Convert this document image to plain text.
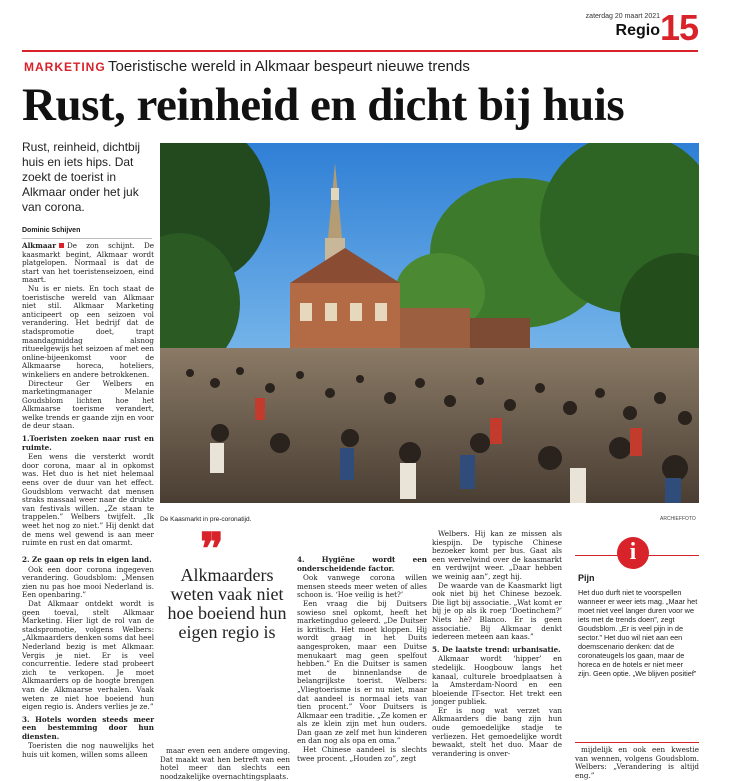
zaterdag 20 maart 2021
Regio 15
MARKETING Toeristische wereld in Alkmaar bespeurt nieuwe trends
Rust, reinheid en dicht bij huis
Rust, reinheid, dichtbij huis en iets hips. Dat zoekt de toerist in Alkmaar onder het juk van corona.
Dominic Schijven

Alkmaar De zon schijnt. De kaasmarkt begint, Alkmaar wordt platgelopen. Normaal is dat de start van het toeristenseizoen, eind maart.

Nu is er niets. En toch staat de toeristische wereld van Alkmaar niet stil. Alkmaar Marketing anticipeert op een seizoen vol verandering. Het bedrijf dat de stadspromotie doet, trapt maandagmiddag alsnog ritueelgewijs het seizoen af met een online-bijeenkomst voor de Alkmaarse horeca, hoteliers, winkeliers en andere betrokkenen.

Directeur Ger Welbers en marketingmanager Melanie Goudsblom lichten hoe het Alkmaarse toerisme verandert, welke trends er gaande zijn en voor de deur staan.

1.Toeristen zoeken naar rust en ruimte.

Een wens die versterkt wordt door corona, maar al in opkomst was. Het duo is het niet helemaal eens over de duur van het effect. Goudsblom verwacht dat mensen straks massaal weer naar de drukte van festivals willen. „Ze staan te trappelen.” Welbers twijfelt. „Ik weet het nog zo niet.” Hij denkt dat de mens wel gewend is aan meer ruimte en rust en dat omarmt.

2. Ze gaan op reis in eigen land.

Ook een door corona ingegeven verandering. Goudsblom: „Mensen zien nu pas hoe mooi Nederland is. Een openbaring.”

Dat Alkmaar ontdekt wordt is geen toeval, stelt Alkmaar Marketing. Hier ligt de rol van de stadspromotie, volgens Welbers: „Alkmaarders denken soms dat heel Nederland bezig is met Alkmaar. Vergis je niet. Er is veel concurrentie. Iedere stad probeert zich te verkopen. Je moet Alkmaarders op de hoogte brengen van de Alkmaarse verhalen. Vaak weten ze niet hoe boeiend hun eigen regio is. Anders verlies je ze.”

3. Hotels worden steeds meer een bestemming door hun diensten.

Toeristen die nog nauwelijks het huis uit komen, willen soms alleen

De Kaasmarkt in pre-coronatijd.	ARCHIEFFOTO
❞
Alkmaarders weten vaak niet hoe boeiend hun eigen regio is

maar even een andere omgeving. Dat maakt wat hen betreft van een hotel meer dan slechts een noodzakelijke overnachtingsplaats.

4. Hygiëne wordt een onderscheidende factor.

Ook vanwege corona willen mensen steeds meer weten of alles schoon is. ‘Hoe veilig is het?’

Een vraag die bij Duitsers sowieso snel opkomt, heeft het marketingduo geleerd. „De Duitser is kritisch. Het moet kloppen. Hij wordt graag in het Duits aangesproken, maar een Duitse menukaart mag geen spelfout hebben.” En die Duitser is samen met de binnenlandse de belangrijkste toerist. Welbers: „Vliegtoerisme is er nu niet, maar dat aandeel is normaal iets van tien procent.” Voor Duitsers is Alkmaar een traditie. „Ze komen er als ze klein zijn met hun ouders. Dan gaan ze zelf met hun kinderen en dan nog als opa en oma.”

Het Chinese aandeel is slechts twee procent. „Houden zo”, zegt

Welbers. Hij kan ze missen als kiespijn. De typische Chinese bezoeker komt per bus. Gaat als een wervelwind over de kaasmarkt en verdwijnt weer. „Daar hebben we weinig aan”, zegt hij.

De waarde van de Kaasmarkt ligt ook niet bij het Chinese bezoek. Die ligt bij associatie. „Wat komt er bij je op als ik roep ‘Doetinchem?’ Niets hè? Blanco. Er is geen associatie. Bij Alkmaar denkt iedereen meteen aan kaas.”

5. De laatste trend: urbanisatie.

Alkmaar wordt ‘hipper’ en stedelijk. Hoogbouw langs het kanaal, culturele broedplaatsen à la Amsterdam-Noord en een bloeiende IT-sector. Het trekt een jonger publiek.

Er is nog wat verzet van Alkmaarders die bang zijn hun oude gemoedelijke stadje te verliezen. Het gemoedelijke wordt bewaakt, stelt het duo. Maar de verandering is onver-

i
Pijn
Het duo durft niet te voorspellen wanneer er weer iets mag. „Maar het moet niet veel langer duren voor we iets met de trends doen”, zegt Goudsblom. „Er is veel pijn in de sector.” Het duo wil niet aan een doemscenario denken: dat de coronateugels los gaan, maar de horeca en de hotels er niet meer zijn. Geen optie. „We blijven positief”

mijdelijk en ook een kwestie van wennen, volgens Goudsblom. Welbers: „Verandering is altijd eng.”
